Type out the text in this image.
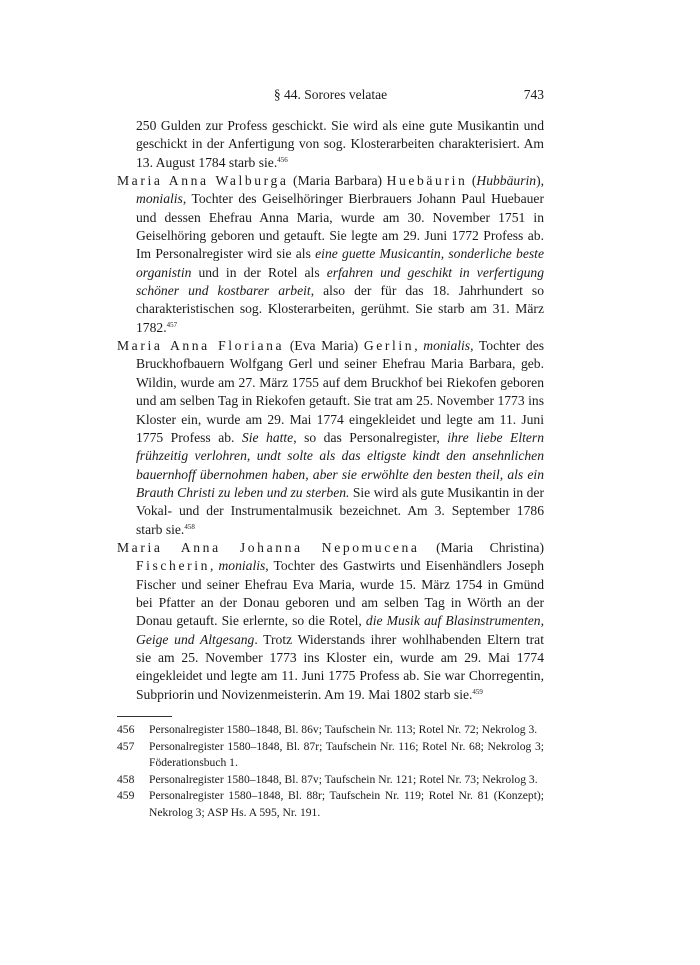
§ 44. Sorores velatae	743

250 Gulden zur Profess geschickt. Sie wird als eine gute Musikantin und geschickt in der Anfertigung von sog. Klosterarbeiten charakterisiert. Am 13. August 1784 starb sie.$^{456}$

Maria Anna Walburga (Maria Barbara) Huebäurin (Hubbäurin), monialis, Tochter des Geiselhöringer Bierbrauers Johann Paul Huebauer und dessen Ehefrau Anna Maria, wurde am 30. November 1751 in Geiselhöring geboren und getauft. Sie legte am 29. Juni 1772 Profess ab. Im Personalregister wird sie als eine guette Musicantin, sonderliche beste organistin und in der Rotel als erfahren und geschikt in verfertigung schöner und kostbarer arbeit, also der für das 18. Jahrhundert so charakteristischen sog. Klosterarbeiten, gerühmt. Sie starb am 31. März 1782.$^{457}$

Maria Anna Floriana (Eva Maria) Gerlin, monialis, Tochter des Bruckhofbauern Wolfgang Gerl und seiner Ehefrau Maria Barbara, geb. Wildin, wurde am 27. März 1755 auf dem Bruckhof bei Riekofen geboren und am selben Tag in Riekofen getauft. Sie trat am 25. November 1773 ins Kloster ein, wurde am 29. Mai 1774 eingekleidet und legte am 11. Juni 1775 Profess ab. Sie hatte, so das Personalregister, ihre liebe Eltern frühzeitig verlohren, undt solte als das eltigste kindt den ansehnlichen bauernhoff übernohmen haben, aber sie erwöhlte den besten theil, als ein Brauth Christi zu leben und zu sterben. Sie wird als gute Musikantin in der Vokal- und der Instrumentalmusik bezeichnet. Am 3. September 1786 starb sie.$^{458}$

Maria Anna Johanna Nepomucena (Maria Christina) Fischerin, monialis, Tochter des Gastwirts und Eisenhändlers Joseph Fischer und seiner Ehefrau Eva Maria, wurde 15. März 1754 in Gmünd bei Pfatter an der Donau geboren und am selben Tag in Wörth an der Donau getauft. Sie erlernte, so die Rotel, die Musik auf Blasinstrumenten, Geige und Altgesang. Trotz Widerstands ihrer wohlhabenden Eltern trat sie am 25. November 1773 ins Kloster ein, wurde am 29. Mai 1774 eingekleidet und legte am 11. Juni 1775 Profess ab. Sie war Chorregentin, Subpriorin und Novizenmeisterin. Am 19. Mai 1802 starb sie.$^{459}$

456	Personalregister 1580–1848, Bl. 86v; Taufschein Nr. 113; Rotel Nr. 72; Nekrolog 3.
457	Personalregister 1580–1848, Bl. 87r; Taufschein Nr. 116; Rotel Nr. 68; Nekrolog 3; Föderationsbuch 1.
458	Personalregister 1580–1848, Bl. 87v; Taufschein Nr. 121; Rotel Nr. 73; Nekrolog 3.
459	Personalregister 1580–1848, Bl. 88r; Taufschein Nr. 119; Rotel Nr. 81 (Konzept); Nekrolog 3; ASP Hs. A 595, Nr. 191.
